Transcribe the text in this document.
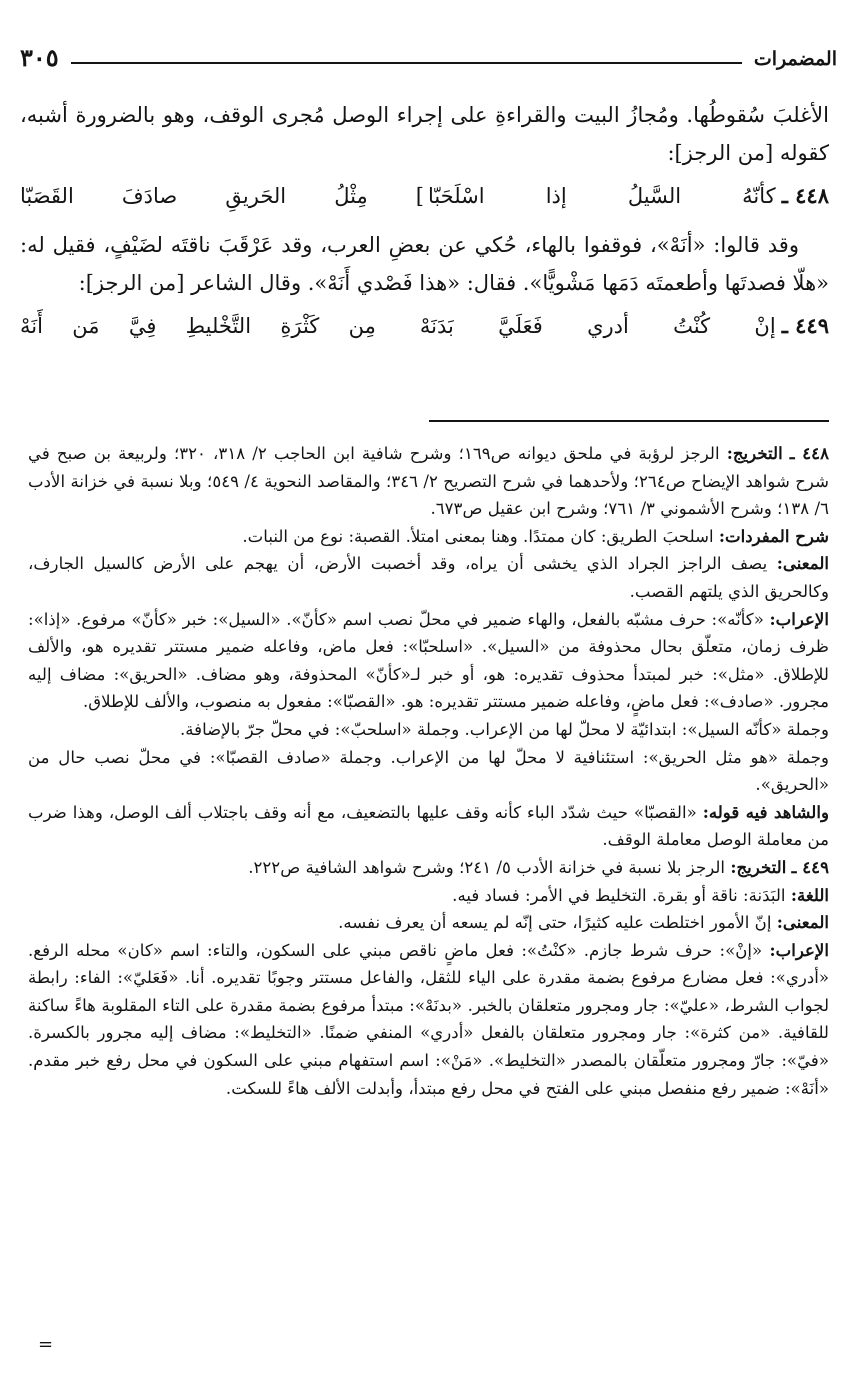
المضمرات
٣٠٥

الأغلبَ سُقوطُها. ومُجازُ البيت والقراءةِ على إجراء الوصل مُجرى الوقف، وهو بالضرورة أشبه، كقوله [من الرجز]:

٤٤٨ ـ
كأنّهُ السَّيلُ إذا اسْلَحَبّا
]
مِثْلُ الحَريقِ صادَفَ القَصَبّا

وقد قالوا: «أنَهْ»، فوقفوا بالهاء، حُكي عن بعضِ العرب، وقد عَرْقَبَ ناقتَه لضَيْفٍ، فقيل له: «هلّا فصدتَها وأطعمتَه دَمَها مَشْويًّا». فقال: «هذا فَصْدي أَنَهْ». وقال الشاعر [من الرجز]:

٤٤٩ ـ
إنْ كُنْتُ أدري فَعَلَيَّ بَدَنَهْ
مِن كَثْرَةِ التَّخْليطِ فِيَّ مَن أَنَهْ

٤٤٨ ـ التخريج: الرجز لرؤبة في ملحق ديوانه ص١٦٩؛ وشرح شافية ابن الحاجب ٢/ ٣١٨، ٣٢٠؛ ولربيعة بن صبح في شرح شواهد الإيضاح ص٢٦٤؛ ولأحدهما في شرح التصريح ٢/ ٣٤٦؛ والمقاصد النحوية ٤/ ٥٤٩؛ وبلا نسبة في خزانة الأدب ٦/ ١٣٨؛ وشرح الأشموني ٣/ ٧٦١؛ وشرح ابن عقيل ص٦٧٣.

شرح المفردات: اسلحبَ الطريق: كان ممتدًا. وهنا بمعنى امتلأ. القصبة: نوع من النبات.

المعنى: يصف الراجز الجراد الذي يخشى أن يراه، وقد أخصبت الأرض، أن يهجم على الأرض كالسيل الجارف، وكالحريق الذي يلتهم القصب.

الإعراب: «كأنّه»: حرف مشبّه بالفعل، والهاء ضمير في محلّ نصب اسم «كأنّ». «السيل»: خبر «كأنّ» مرفوع. «إذا»: ظرف زمان، متعلّق بحال محذوفة من «السيل». «اسلحبّا»: فعل ماض، وفاعله ضمير مستتر تقديره هو، والألف للإطلاق. «مثل»: خبر لمبتدأ محذوف تقديره: هو، أو خبر لـ«كأنّ» المحذوفة، وهو مضاف. «الحريق»: مضاف إليه مجرور. «صادف»: فعل ماضٍ، وفاعله ضمير مستتر تقديره: هو. «القصبّا»: مفعول به منصوب، والألف للإطلاق.

وجملة «كأنّه السيل»: ابتدائيّة لا محلّ لها من الإعراب. وجملة «اسلحبّ»: في محلّ جرّ بالإضافة.

وجملة «هو مثل الحريق»: استئنافية لا محلّ لها من الإعراب. وجملة «صادف القصبّا»: في محلّ نصب حال من «الحريق».

والشاهد فيه قوله: «القصبّا» حيث شدّد الباء كأنه وقف عليها بالتضعيف، مع أنه وقف باجتلاب ألف الوصل، وهذا ضرب من معاملة الوصل معاملة الوقف.

٤٤٩ ـ التخريج: الرجز بلا نسبة في خزانة الأدب ٥/ ٢٤١؛ وشرح شواهد الشافية ص٢٢٢.

اللغة: البَدَنة: ناقة أو بقرة. التخليط في الأمر: فساد فيه.

المعنى: إنّ الأمور اختلطت عليه كثيرًا، حتى إنّه لم يسعه أن يعرف نفسه.

الإعراب: «إنْ»: حرف شرط جازم. «كنْتُ»: فعل ماضٍ ناقص مبني على السكون، والتاء: اسم «كان» محله الرفع. «أدري»: فعل مضارع مرفوع بضمة مقدرة على الياء للثقل، والفاعل مستتر وجوبًا تقديره. أنا. «فَعَليّ»: الفاء: رابطة لجواب الشرط، «عليّ»: جار ومجرور متعلقان بالخبر. «بدنَهْ»: مبتدأ مرفوع بضمة مقدرة على التاء المقلوبة هاءً ساكنة للقافية. «من كثرة»: جار ومجرور متعلقان بالفعل «أدري» المنفي ضمنًا. «التخليط»: مضاف إليه مجرور بالكسرة. «فيّ»: جارّ ومجرور متعلّقان بالمصدر «التخليط». «مَنْ»: اسم استفهام مبني على السكون في محل رفع خبر مقدم. «أنَهْ»: ضمير رفع منفصل مبني على الفتح في محل رفع مبتدأ، وأبدلت الألف هاءً للسكت.

=
